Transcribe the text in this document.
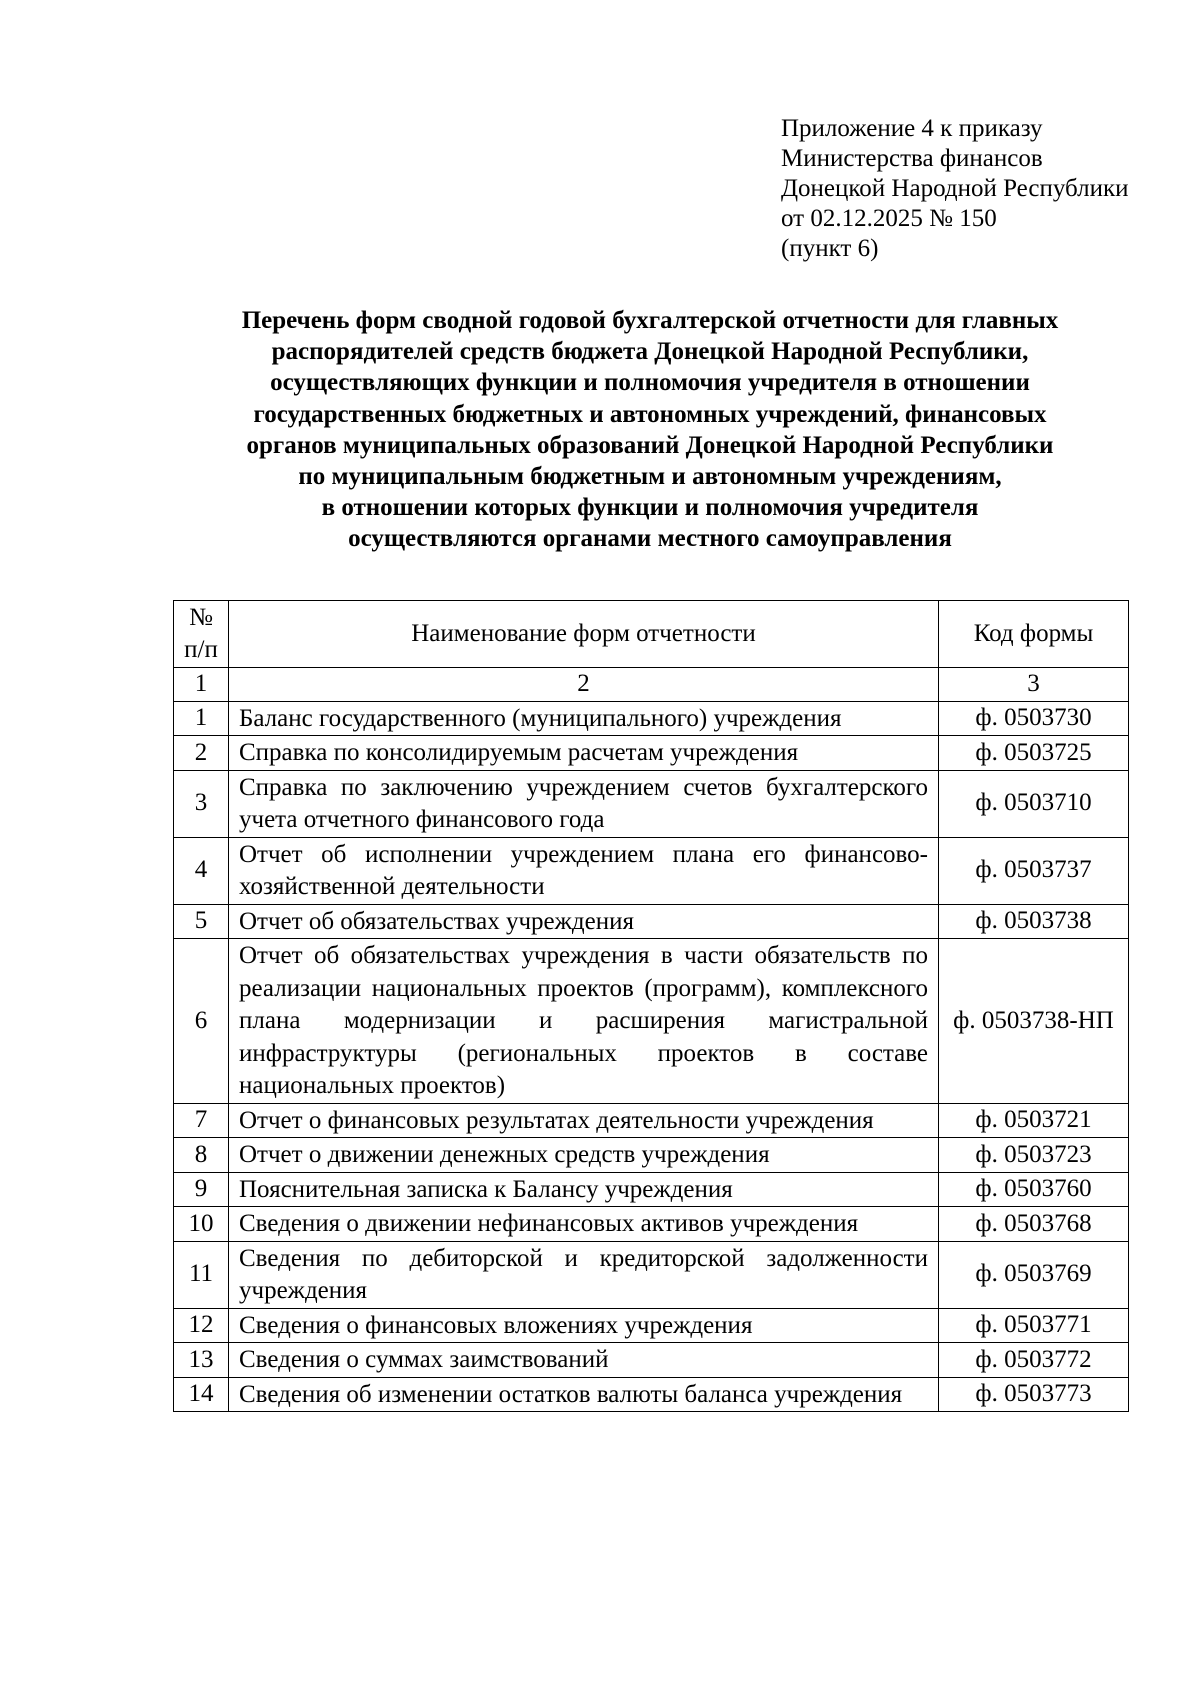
Приложение 4 к приказу
Министерства финансов
Донецкой Народной Республики
от 02.12.2025 № 150
(пункт 6)
Перечень форм сводной годовой бухгалтерской отчетности для главных
распорядителей средств бюджета Донецкой Народной Республики,
осуществляющих функции и полномочия учредителя в отношении
государственных бюджетных и автономных учреждений, финансовых
органов муниципальных образований Донецкой Народной Республики
по муниципальным бюджетным и автономным учреждениям,
в отношении которых функции и полномочия учредителя
осуществляются органами местного самоуправления
№
п/п	Наименование форм отчетности	Код формы
1	2	3
1	Баланс государственного (муниципального) учреждения	ф. 0503730
2	Справка по консолидируемым расчетам учреждения	ф. 0503725
3	Справка по заключению учреждением счетов бухгалтерского учета отчетного финансового года	ф. 0503710
4	Отчет об исполнении учреждением плана его финансово-хозяйственной деятельности	ф. 0503737
5	Отчет об обязательствах учреждения	ф. 0503738
6	Отчет об обязательствах учреждения в части обязательств по реализации национальных проектов (программ), комплексного плана модернизации и расширения магистральной инфраструктуры (региональных проектов в составе национальных проектов)	ф. 0503738-НП
7	Отчет о финансовых результатах деятельности учреждения	ф. 0503721
8	Отчет о движении денежных средств учреждения	ф. 0503723
9	Пояснительная записка к Балансу учреждения	ф. 0503760
10	Сведения о движении нефинансовых активов учреждения	ф. 0503768
11	Сведения по дебиторской и кредиторской задолженности учреждения	ф. 0503769
12	Сведения о финансовых вложениях учреждения	ф. 0503771
13	Сведения о суммах заимствований	ф. 0503772
14	Сведения об изменении остатков валюты баланса учреждения	ф. 0503773
